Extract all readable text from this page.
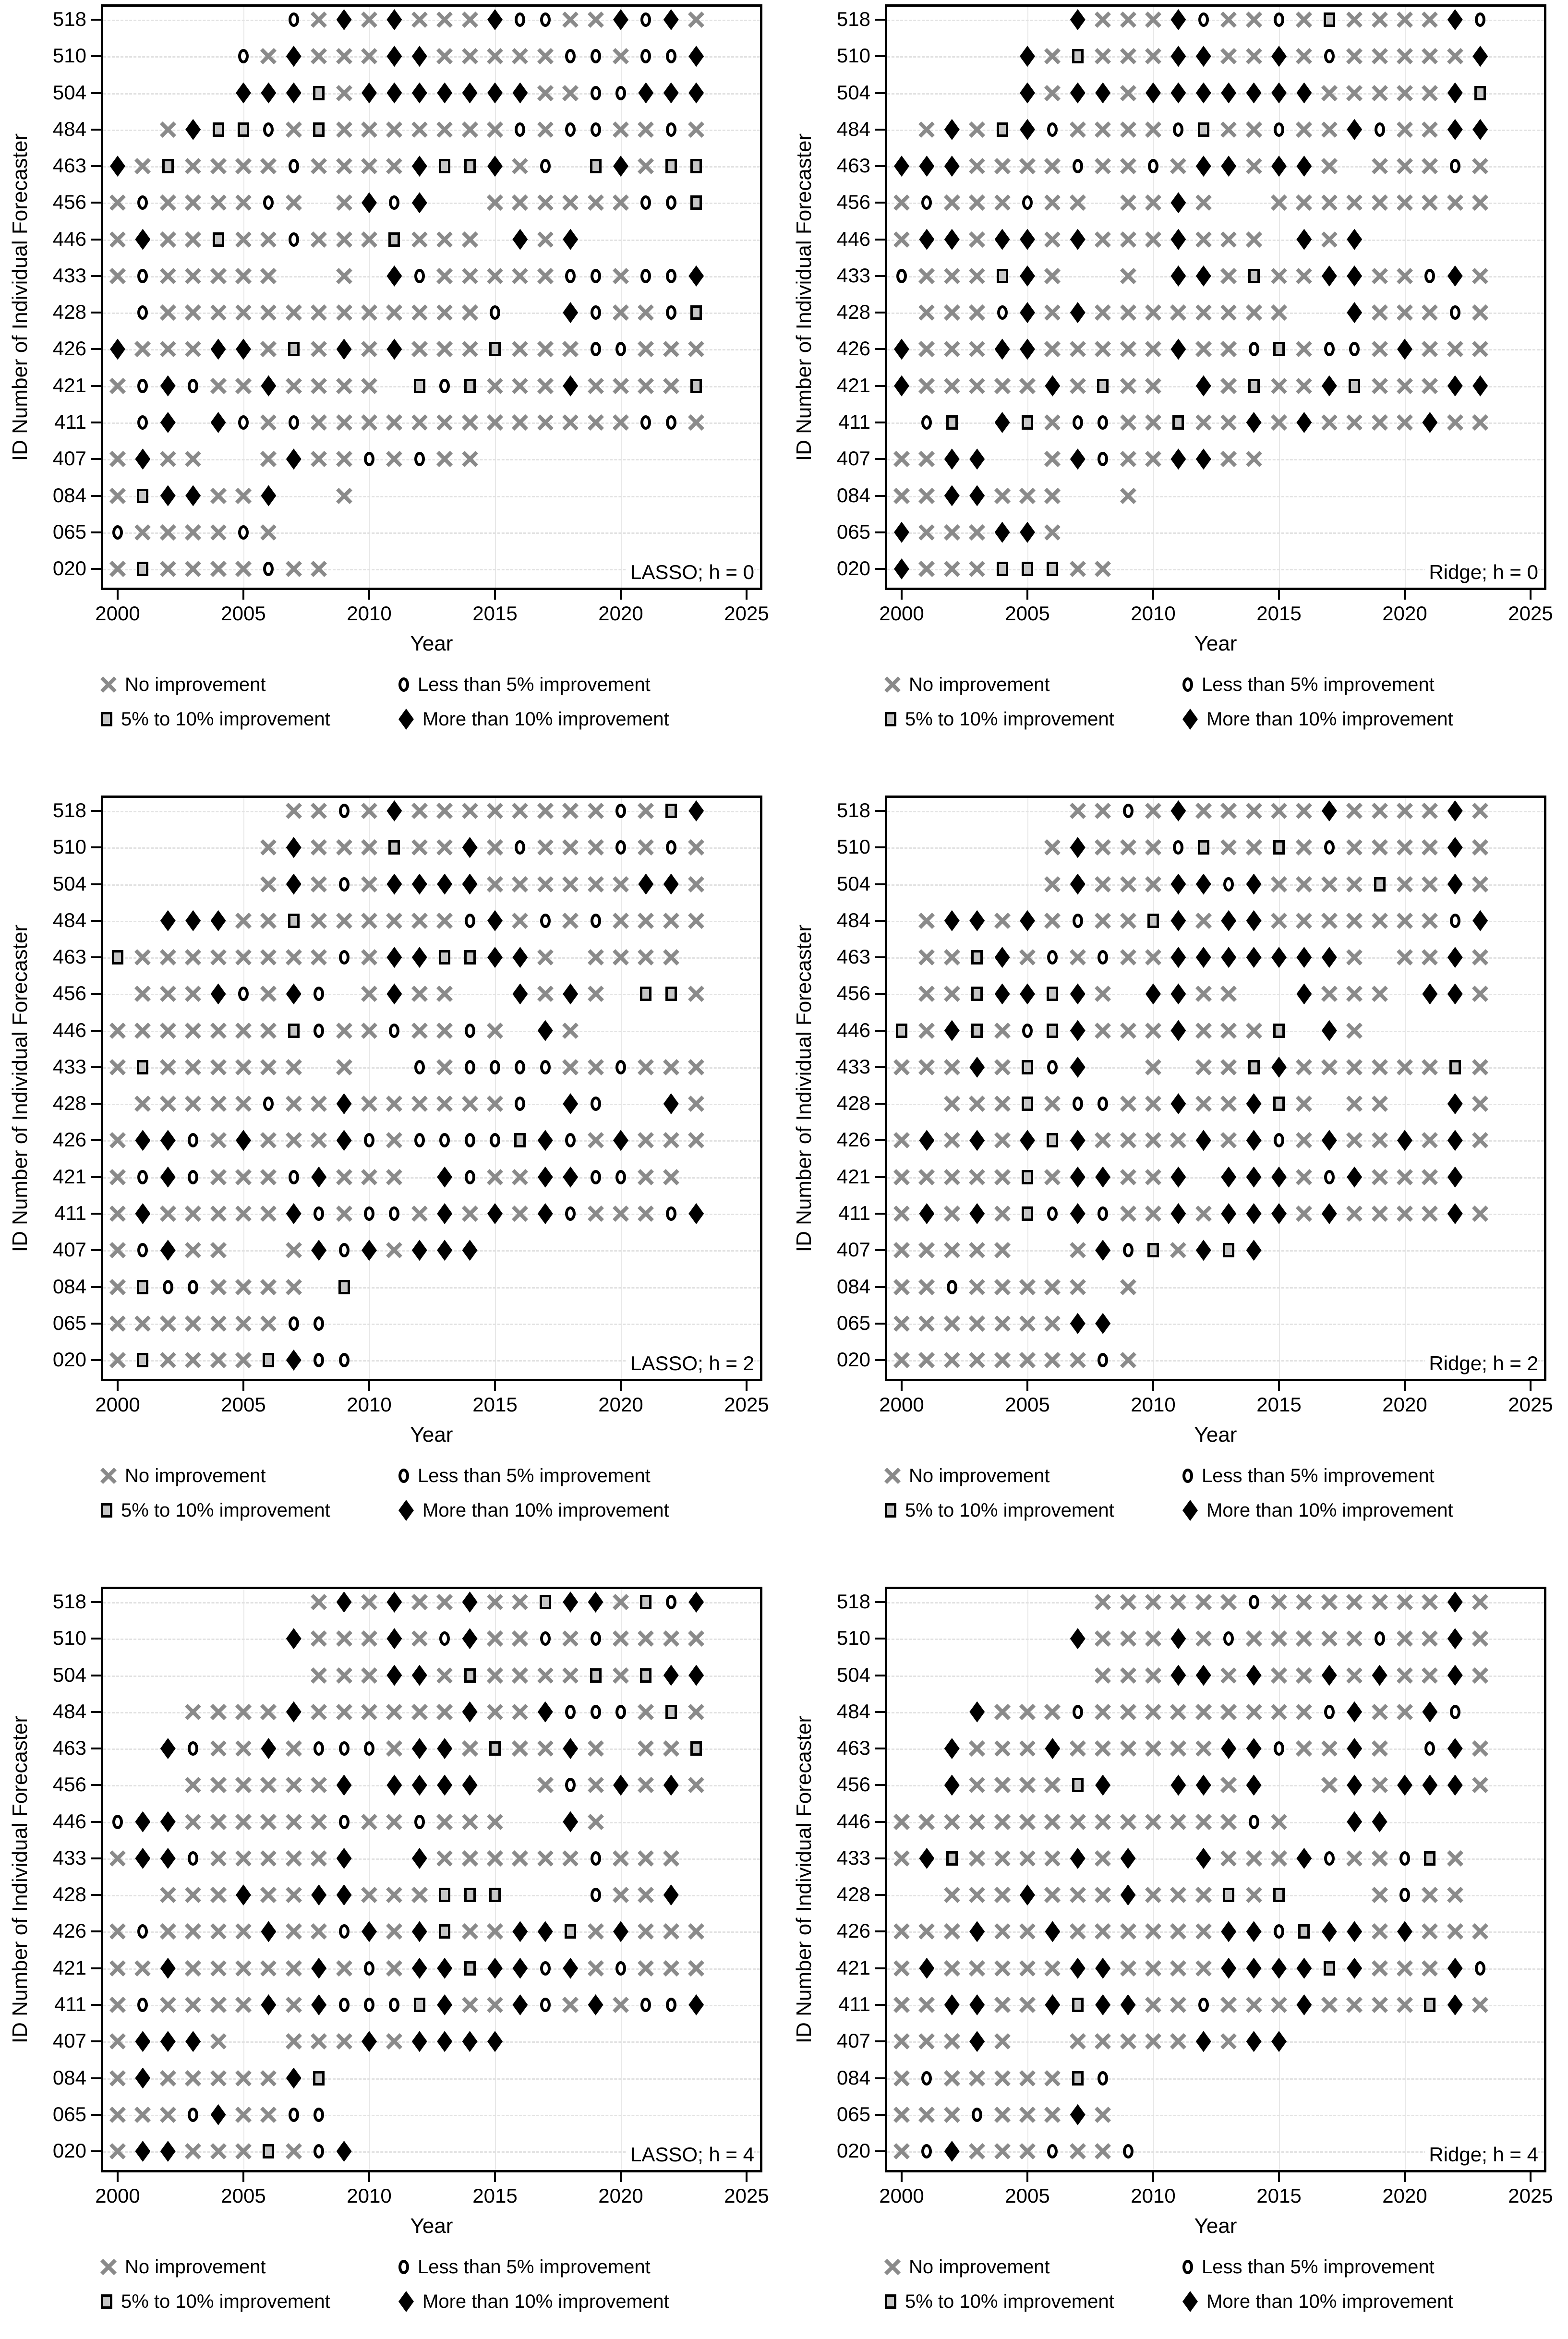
ID Number of Individual Forecaster
LASSO; h = 0
Year
No improvement	Less than 5% improvement
5% to 10% improvement	More than 10% improvement
2000	2005	2010	2015	2020	2025
518
510
504
484
463
456
446
433
428
426
421
411
407
084
065
020
ID Number of Individual Forecaster
Ridge; h = 0
Year
No improvement	Less than 5% improvement
5% to 10% improvement	More than 10% improvement
2000	2005	2010	2015	2020	2025
518
510
504
484
463
456
446
433
428
426
421
411
407
084
065
020
ID Number of Individual Forecaster
LASSO; h = 2
Year
No improvement	Less than 5% improvement
5% to 10% improvement	More than 10% improvement
2000	2005	2010	2015	2020	2025
518
510
504
484
463
456
446
433
428
426
421
411
407
084
065
020
ID Number of Individual Forecaster
Ridge; h = 2
Year
No improvement	Less than 5% improvement
5% to 10% improvement	More than 10% improvement
2000	2005	2010	2015	2020	2025
518
510
504
484
463
456
446
433
428
426
421
411
407
084
065
020
ID Number of Individual Forecaster
LASSO; h = 4
Year
No improvement	Less than 5% improvement
5% to 10% improvement	More than 10% improvement
2000	2005	2010	2015	2020	2025
518
510
504
484
463
456
446
433
428
426
421
411
407
084
065
020
ID Number of Individual Forecaster
Ridge; h = 4
Year
No improvement	Less than 5% improvement
5% to 10% improvement	More than 10% improvement
2000	2005	2010	2015	2020	2025
518
510
504
484
463
456
446
433
428
426
421
411
407
084
065
020
